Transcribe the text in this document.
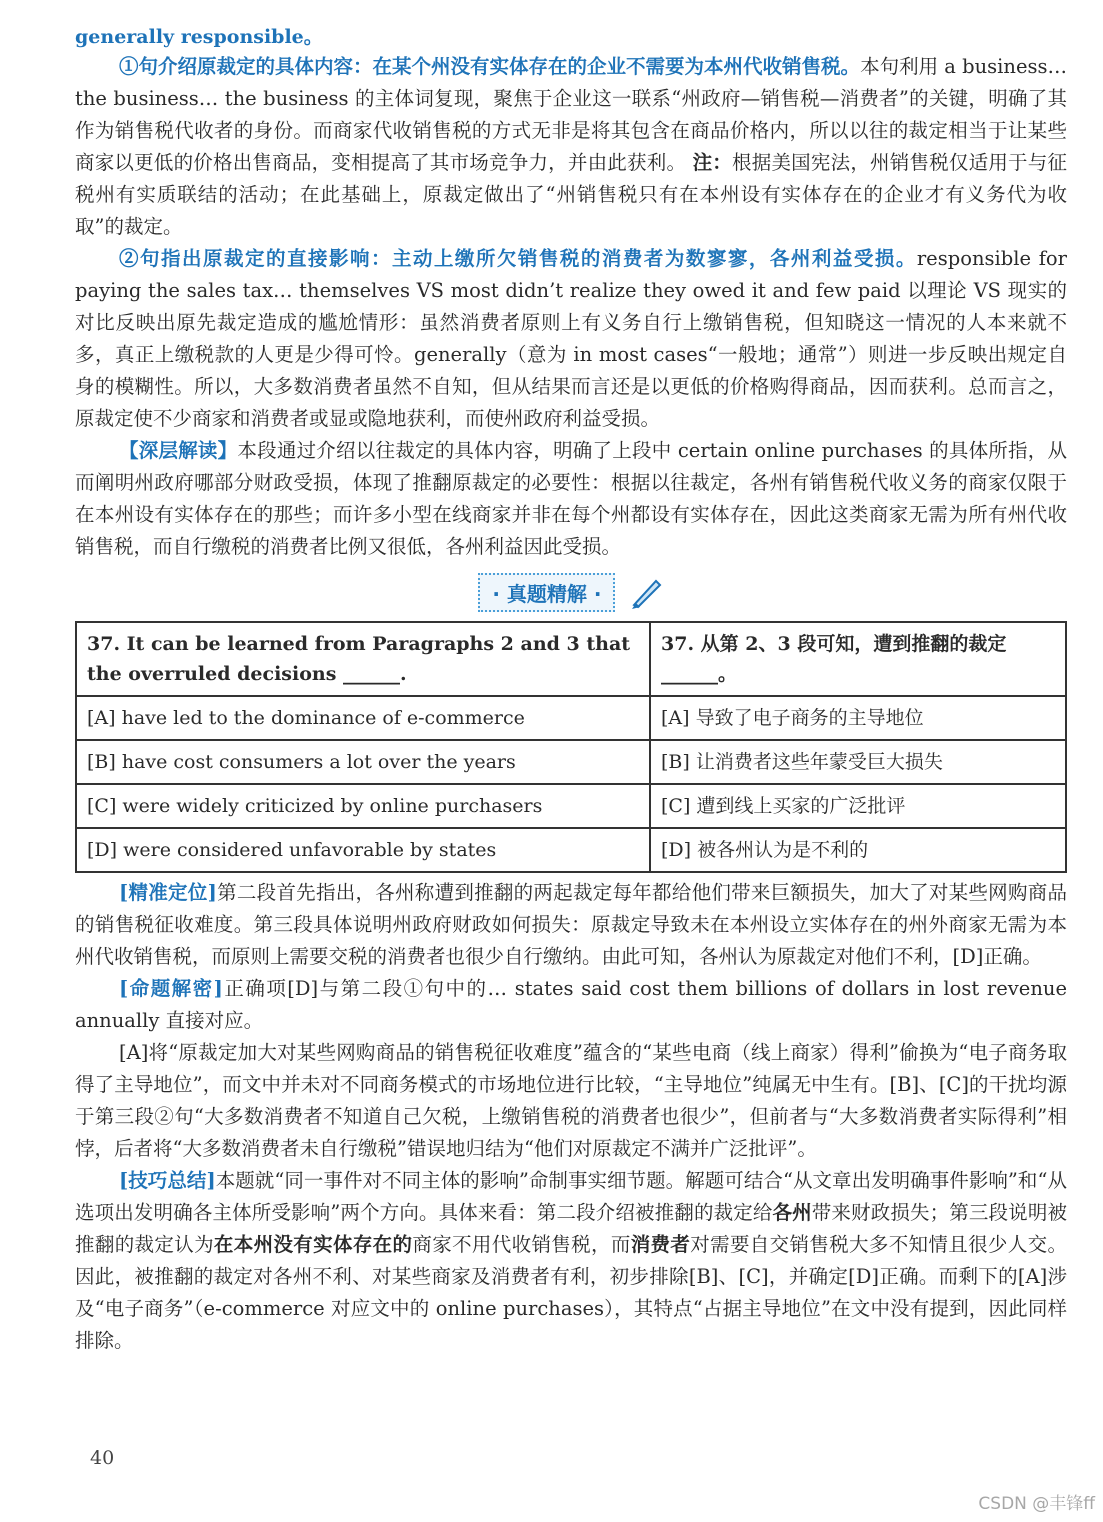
generally responsible。

①句介绍原裁定的具体内容：在某个州没有实体存在的企业不需要为本州代收销售税。本句利用 a business… the business… the business 的主体词复现，聚焦于企业这一联系“州政府—销售税—消费者”的关键，明确了其作为销售税代收者的身份。而商家代收销售税的方式无非是将其包含在商品价格内，所以以往的裁定相当于让某些商家以更低的价格出售商品，变相提高了其市场竞争力，并由此获利。 注：根据美国宪法，州销售税仅适用于与征税州有实质联结的活动；在此基础上，原裁定做出了“州销售税只有在本州设有实体存在的企业才有义务代为收取”的裁定。

②句指出原裁定的直接影响：主动上缴所欠销售税的消费者为数寥寥，各州利益受损。responsible for paying the sales tax… themselves VS most didn’t realize they owed it and few paid 以理论 VS 现实的对比反映出原先裁定造成的尴尬情形：虽然消费者原则上有义务自行上缴销售税，但知晓这一情况的人本来就不多，真正上缴税款的人更是少得可怜。generally（意为 in most cases“一般地；通常”）则进一步反映出规定自身的模糊性。所以，大多数消费者虽然不自知，但从结果而言还是以更低的价格购得商品，因而获利。总而言之，原裁定使不少商家和消费者或显或隐地获利，而使州政府利益受损。

【深层解读】本段通过介绍以往裁定的具体内容，明确了上段中 certain online purchases 的具体所指，从而阐明州政府哪部分财政受损，体现了推翻原裁定的必要性：根据以往裁定，各州有销售税代收义务的商家仅限于在本州设有实体存在的那些；而许多小型在线商家并非在每个州都设有实体存在，因此这类商家无需为所有州代收销售税，而自行缴税的消费者比例又很低，各州利益因此受损。

· 真题精解 ·
37. It can be learned from Paragraphs 2 and 3 that the overruled decisions ______.	37. 从第 2、3 段可知，遭到推翻的裁定______。
[A] have led to the dominance of e-commerce	[A] 导致了电子商务的主导地位
[B] have cost consumers a lot over the years	[B] 让消费者这些年蒙受巨大损失
[C] were widely criticized by online purchasers	[C] 遭到线上买家的广泛批评
[D] were considered unfavorable by states	[D] 被各州认为是不利的

[精准定位]第二段首先指出，各州称遭到推翻的两起裁定每年都给他们带来巨额损失，加大了对某些网购商品的销售税征收难度。第三段具体说明州政府财政如何损失：原裁定导致未在本州设立实体存在的州外商家无需为本州代收销售税，而原则上需要交税的消费者也很少自行缴纳。由此可知，各州认为原裁定对他们不利，[D]正确。

[命题解密]正确项[D]与第二段①句中的… states said cost them billions of dollars in lost revenue annually 直接对应。

[A]将“原裁定加大对某些网购商品的销售税征收难度”蕴含的“某些电商（线上商家）得利”偷换为“电子商务取得了主导地位”，而文中并未对不同商务模式的市场地位进行比较，“主导地位”纯属无中生有。[B]、[C]的干扰均源于第三段②句“大多数消费者不知道自己欠税，上缴销售税的消费者也很少”，但前者与“大多数消费者实际得利”相悖，后者将“大多数消费者未自行缴税”错误地归结为“他们对原裁定不满并广泛批评”。

[技巧总结]本题就“同一事件对不同主体的影响”命制事实细节题。解题可结合“从文章出发明确事件影响”和“从选项出发明确各主体所受影响”两个方向。具体来看：第二段介绍被推翻的裁定给各州带来财政损失；第三段说明被推翻的裁定认为在本州没有实体存在的商家不用代收销售税，而消费者对需要自交销售税大多不知情且很少人交。因此，被推翻的裁定对各州不利、对某些商家及消费者有利，初步排除[B]、[C]，并确定[D]正确。而剩下的[A]涉及“电子商务”（e-commerce 对应文中的 online purchases），其特点“占据主导地位”在文中没有提到，因此同样排除。

40
CSDN @丰锋ff
